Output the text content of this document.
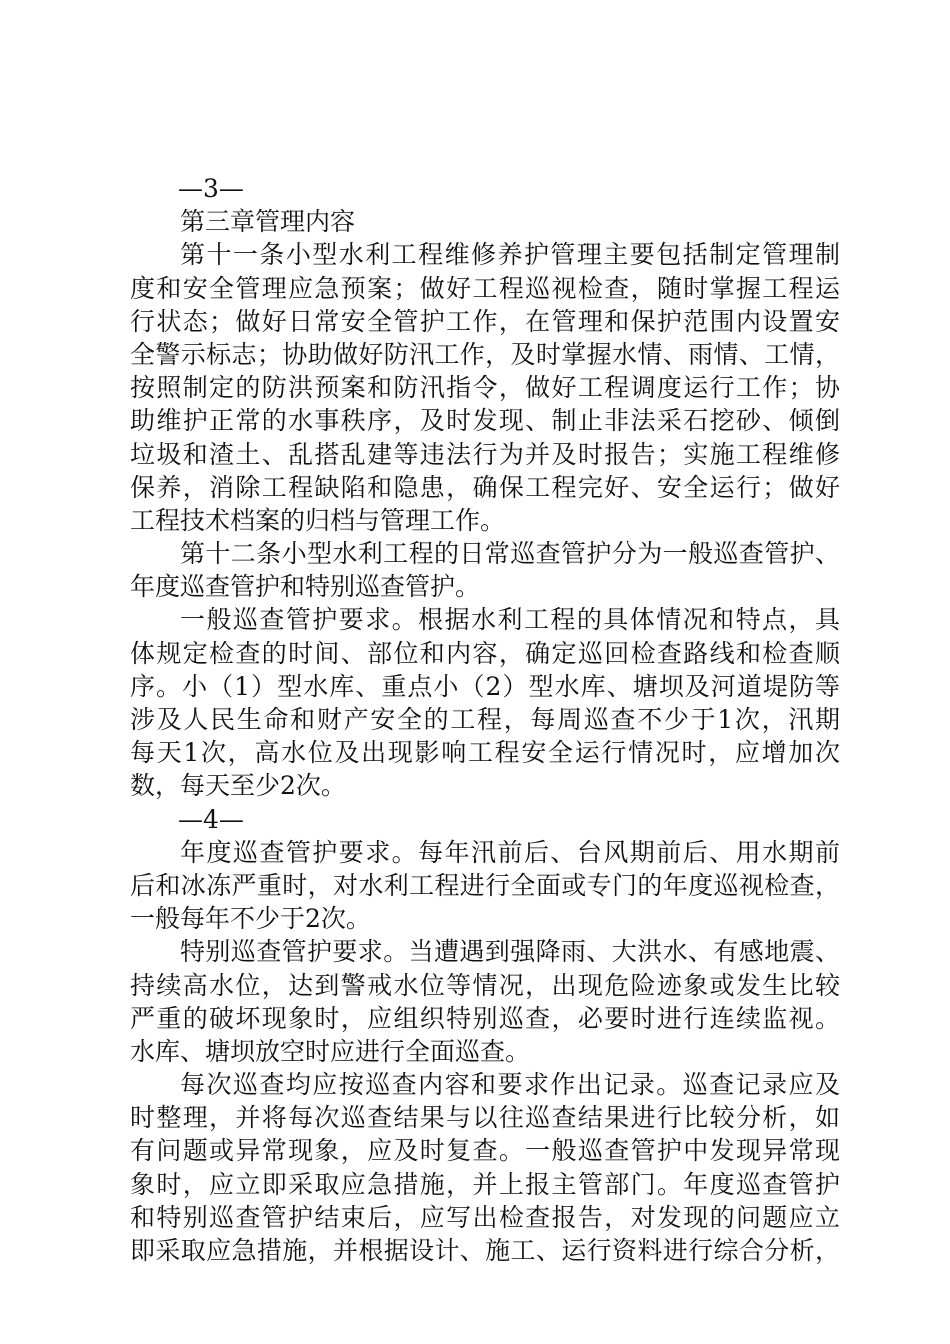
—3—
第三章管理内容
第十一条小型水利工程维修养护管理主要包括制定管理制
度和安全管理应急预案；做好工程巡视检查，随时掌握工程运
行状态；做好日常安全管护工作，在管理和保护范围内设置安
全警示标志；协助做好防汛工作，及时掌握水情、雨情、工情，
按照制定的防洪预案和防汛指令，做好工程调度运行工作；协
助维护正常的水事秩序，及时发现、制止非法采石挖砂、倾倒
垃圾和渣土、乱搭乱建等违法行为并及时报告；实施工程维修
保养，消除工程缺陷和隐患，确保工程完好、安全运行；做好
工程技术档案的归档与管理工作。
第十二条小型水利工程的日常巡查管护分为一般巡查管护、
年度巡查管护和特别巡查管护。
一般巡查管护要求。根据水利工程的具体情况和特点，具
体规定检查的时间、部位和内容，确定巡回检查路线和检查顺
序。小（1）型水库、重点小（2）型水库、塘坝及河道堤防等
涉及人民生命和财产安全的工程，每周巡查不少于1次，汛期
每天1次，高水位及出现影响工程安全运行情况时，应增加次
数，每天至少2次。
—4—
年度巡查管护要求。每年汛前后、台风期前后、用水期前
后和冰冻严重时，对水利工程进行全面或专门的年度巡视检查，
一般每年不少于2次。
特别巡查管护要求。当遭遇到强降雨、大洪水、有感地震、
持续高水位，达到警戒水位等情况，出现危险迹象或发生比较
严重的破坏现象时，应组织特别巡查，必要时进行连续监视。
水库、塘坝放空时应进行全面巡查。
每次巡查均应按巡查内容和要求作出记录。巡查记录应及
时整理，并将每次巡查结果与以往巡查结果进行比较分析，如
有问题或异常现象，应及时复查。一般巡查管护中发现异常现
象时，应立即采取应急措施，并上报主管部门。年度巡查管护
和特别巡查管护结束后，应写出检查报告，对发现的问题应立
即采取应急措施，并根据设计、施工、运行资料进行综合分析，
